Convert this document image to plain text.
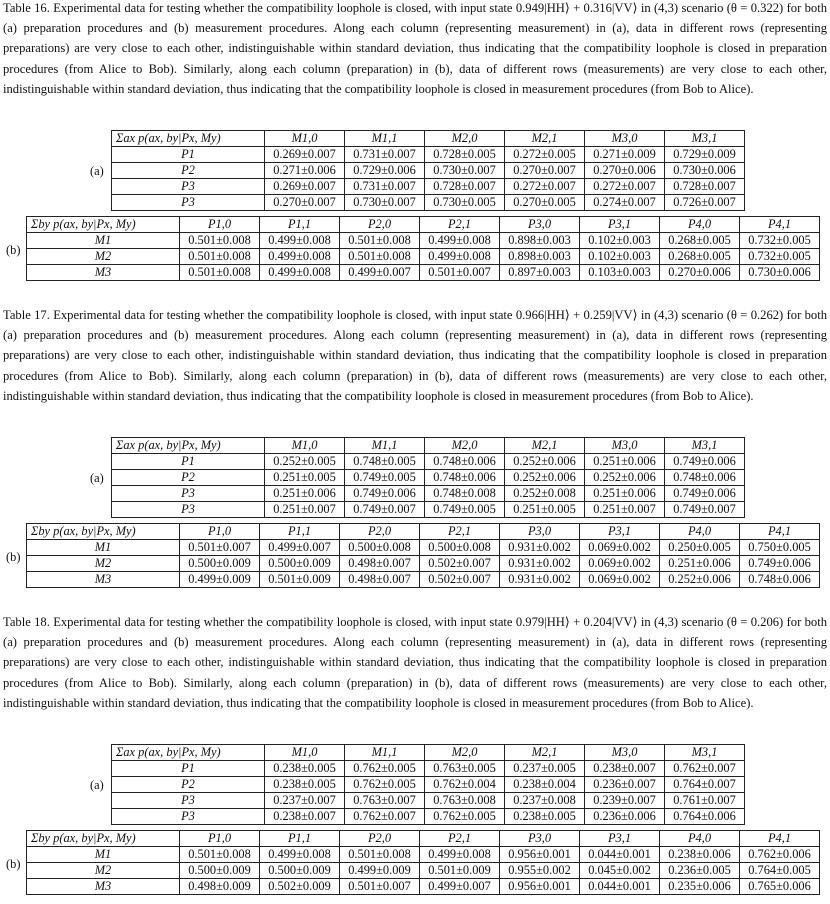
Table 16. Experimental data for testing whether the compatibility loophole is closed, with input state 0.949|HH⟩ + 0.316|VV⟩ in (4,3) scenario (θ = 0.322) for both (a) preparation procedures and (b) measurement procedures. Along each column (representing measurement) in (a), data in different rows (representing preparations) are very close to each other, indistinguishable within standard deviation, thus indicating that the compatibility loophole is closed in preparation procedures (from Alice to Bob). Similarly, along each column (preparation) in (b), data of different rows (measurements) are very close to each other, indistinguishable within standard deviation, thus indicating that the compatibility loophole is closed in measurement procedures (from Bob to Alice).
(a)
Σax p(ax, by|Px, My)	M1,0	M1,1	M2,0	M2,1	M3,0	M3,1
P1	0.269±0.007	0.731±0.007	0.728±0.005	0.272±0.005	0.271±0.009	0.729±0.009
P2	0.271±0.006	0.729±0.006	0.730±0.007	0.270±0.007	0.270±0.006	0.730±0.006
P3	0.269±0.007	0.731±0.007	0.728±0.007	0.272±0.007	0.272±0.007	0.728±0.007
P3	0.270±0.007	0.730±0.007	0.730±0.005	0.270±0.005	0.274±0.007	0.726±0.007
(b)
Σby p(ax, by|Px, My)	P1,0	P1,1	P2,0	P2,1	P3,0	P3,1	P4,0	P4,1
M1	0.501±0.008	0.499±0.008	0.501±0.008	0.499±0.008	0.898±0.003	0.102±0.003	0.268±0.005	0.732±0.005
M2	0.501±0.008	0.499±0.008	0.501±0.008	0.499±0.008	0.898±0.003	0.102±0.003	0.268±0.005	0.732±0.005
M3	0.501±0.008	0.499±0.008	0.499±0.007	0.501±0.007	0.897±0.003	0.103±0.003	0.270±0.006	0.730±0.006
Table 17. Experimental data for testing whether the compatibility loophole is closed, with input state 0.966|HH⟩ + 0.259|VV⟩ in (4,3) scenario (θ = 0.262) for both (a) preparation procedures and (b) measurement procedures. Along each column (representing measurement) in (a), data in different rows (representing preparations) are very close to each other, indistinguishable within standard deviation, thus indicating that the compatibility loophole is closed in preparation procedures (from Alice to Bob). Similarly, along each column (preparation) in (b), data of different rows (measurements) are very close to each other, indistinguishable within standard deviation, thus indicating that the compatibility loophole is closed in measurement procedures (from Bob to Alice).
(a)
Σax p(ax, by|Px, My)	M1,0	M1,1	M2,0	M2,1	M3,0	M3,1
P1	0.252±0.005	0.748±0.005	0.748±0.006	0.252±0.006	0.251±0.006	0.749±0.006
P2	0.251±0.005	0.749±0.005	0.748±0.006	0.252±0.006	0.252±0.006	0.748±0.006
P3	0.251±0.006	0.749±0.006	0.748±0.008	0.252±0.008	0.251±0.006	0.749±0.006
P3	0.251±0.007	0.749±0.007	0.749±0.005	0.251±0.005	0.251±0.007	0.749±0.007
(b)
Σby p(ax, by|Px, My)	P1,0	P1,1	P2,0	P2,1	P3,0	P3,1	P4,0	P4,1
M1	0.501±0.007	0.499±0.007	0.500±0.008	0.500±0.008	0.931±0.002	0.069±0.002	0.250±0.005	0.750±0.005
M2	0.500±0.009	0.500±0.009	0.498±0.007	0.502±0.007	0.931±0.002	0.069±0.002	0.251±0.006	0.749±0.006
M3	0.499±0.009	0.501±0.009	0.498±0.007	0.502±0.007	0.931±0.002	0.069±0.002	0.252±0.006	0.748±0.006
Table 18. Experimental data for testing whether the compatibility loophole is closed, with input state 0.979|HH⟩ + 0.204|VV⟩ in (4,3) scenario (θ = 0.206) for both (a) preparation procedures and (b) measurement procedures. Along each column (representing measurement) in (a), data in different rows (representing preparations) are very close to each other, indistinguishable within standard deviation, thus indicating that the compatibility loophole is closed in preparation procedures (from Alice to Bob). Similarly, along each column (preparation) in (b), data of different rows (measurements) are very close to each other, indistinguishable within standard deviation, thus indicating that the compatibility loophole is closed in measurement procedures (from Bob to Alice).
(a)
Σax p(ax, by|Px, My)	M1,0	M1,1	M2,0	M2,1	M3,0	M3,1
P1	0.238±0.005	0.762±0.005	0.763±0.005	0.237±0.005	0.238±0.007	0.762±0.007
P2	0.238±0.005	0.762±0.005	0.762±0.004	0.238±0.004	0.236±0.007	0.764±0.007
P3	0.237±0.007	0.763±0.007	0.763±0.008	0.237±0.008	0.239±0.007	0.761±0.007
P3	0.238±0.007	0.762±0.007	0.762±0.005	0.238±0.005	0.236±0.006	0.764±0.006
(b)
Σby p(ax, by|Px, My)	P1,0	P1,1	P2,0	P2,1	P3,0	P3,1	P4,0	P4,1
M1	0.501±0.008	0.499±0.008	0.501±0.008	0.499±0.008	0.956±0.001	0.044±0.001	0.238±0.006	0.762±0.006
M2	0.500±0.009	0.500±0.009	0.499±0.009	0.501±0.009	0.955±0.002	0.045±0.002	0.236±0.005	0.764±0.005
M3	0.498±0.009	0.502±0.009	0.501±0.007	0.499±0.007	0.956±0.001	0.044±0.001	0.235±0.006	0.765±0.006
